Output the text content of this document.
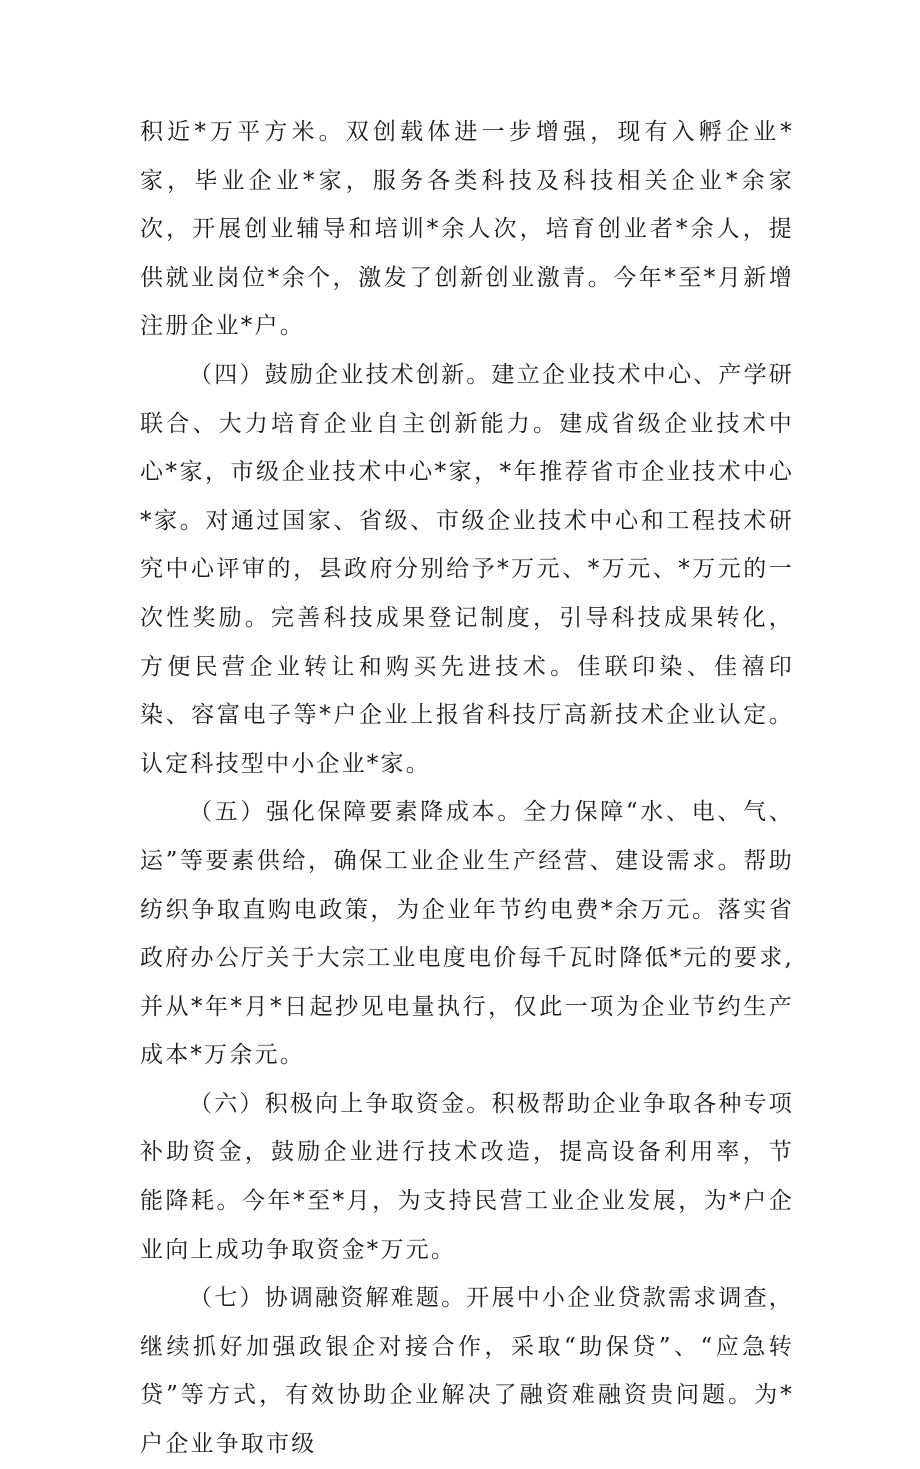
积近*万平方米。双创载体进一步增强，现有入孵企业*家，毕业企业*家，服务各类科技及科技相关企业*余家次，开展创业辅导和培训*余人次，培育创业者*余人，提供就业岗位*余个，激发了创新创业激青。今年*至*月新增注册企业*户。

（四）鼓励企业技术创新。建立企业技术中心、产学研联合、大力培育企业自主创新能力。建成省级企业技术中心*家，市级企业技术中心*家，*年推荐省市企业技术中心*家。对通过国家、省级、市级企业技术中心和工程技术研究中心评审的，县政府分别给予*万元、*万元、*万元的一次性奖励。完善科技成果登记制度，引导科技成果转化，方便民营企业转让和购买先进技术。佳联印染、佳禧印染、容富电子等*户企业上报省科技厅高新技术企业认定。认定科技型中小企业*家。

（五）强化保障要素降成本。全力保障“水、电、气、运”等要素供给，确保工业企业生产经营、建设需求。帮助纺织争取直购电政策，为企业年节约电费*余万元。落实省政府办公厅关于大宗工业电度电价每千瓦时降低*元的要求,并从*年*月*日起抄见电量执行，仅此一项为企业节约生产成本*万余元。

（六）积极向上争取资金。积极帮助企业争取各种专项补助资金，鼓励企业进行技术改造，提高设备利用率，节能降耗。今年*至*月，为支持民营工业企业发展，为*户企业向上成功争取资金*万元。

（七）协调融资解难题。开展中小企业贷款需求调查，继续抓好加强政银企对接合作，采取“助保贷”、“应急转贷”等方式，有效协助企业解决了融资难融资贵问题。为*户企业争取市级
